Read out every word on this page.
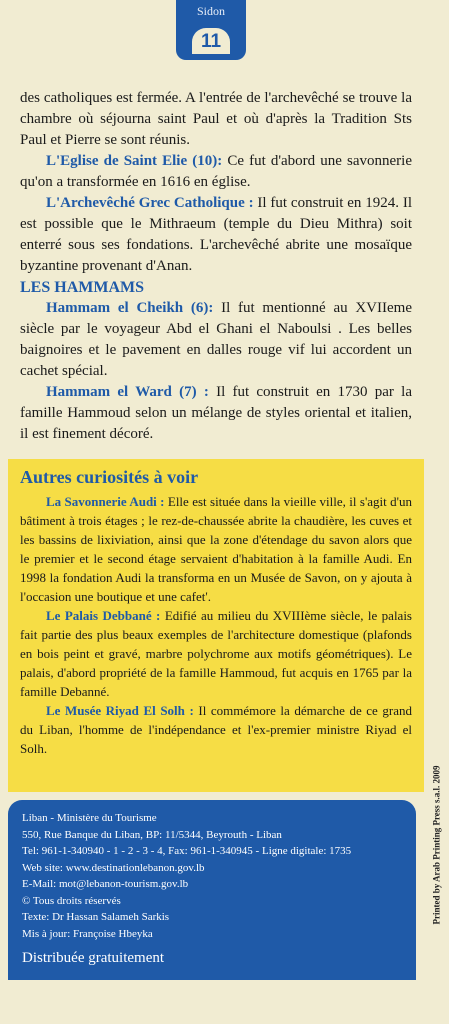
Sidon
11

des catholiques est fermée. A l'entrée de l'archevêché se trouve la chambre où séjourna saint Paul et où d'après la Tradition Sts Paul et Pierre se sont réunis.

L'Eglise de Saint Elie (10): Ce fut d'abord une savonnerie qu'on a transformée en 1616 en église.

L'Archevêché Grec Catholique : Il fut construit en 1924. Il est possible que le Mithraeum (temple du Dieu Mithra) soit enterré sous ses fondations. L'archevêché abrite une mosaïque byzantine provenant d'Anan.

LES HAMMAMS

Hammam el Cheikh (6): Il fut mentionné au XVIIeme siècle par le voyageur Abd el Ghani el Naboulsi . Les belles baignoires et le pavement en dalles rouge vif lui accordent un cachet spécial.

Hammam el Ward (7) : Il fut construit en 1730 par la famille Hammoud selon un mélange de styles oriental et italien, il est finement décoré.

Autres curiosités à voir

La Savonnerie Audi : Elle est située dans la vieille ville, il s'agit d'un bâtiment à trois étages ; le rez-de-chaussée abrite la chaudière, les cuves et les bassins de lixiviation, ainsi que la zone d'étendage du savon alors que le premier et le second étage servaient d'habitation à la famille Audi. En 1998 la fondation Audi la transforma en un Musée de Savon, on y ajouta à l'occasion une boutique et une cafet'.

Le Palais Debbané : Edifié au milieu du XVIIIème siècle, le palais fait partie des plus beaux exemples de l'architecture domestique (plafonds en bois peint et gravé, marbre polychrome aux motifs géométriques). Le palais, d'abord propriété de la famille Hammoud, fut acquis en 1765 par la famille Debanné.

Le Musée Riyad El Solh : Il commémore la démarche de ce grand du Liban, l'homme de l'indépendance et l'ex-premier ministre Riyad el Solh.

Liban - Ministère du Tourisme
550, Rue Banque du Liban, BP: 11/5344, Beyrouth - Liban
Tel: 961-1-340940 - 1 - 2 - 3 - 4, Fax: 961-1-340945 - Ligne digitale: 1735
Web site: www.destinationlebanon.gov.lb
E-Mail: mot@lebanon-tourism.gov.lb
© Tous droits réservés
Texte: Dr Hassan Salameh Sarkis
Mis à jour: Françoise Hbeyka
Distribuée gratuitement
Printed by Arab Printing Press s.a.l. 2009
